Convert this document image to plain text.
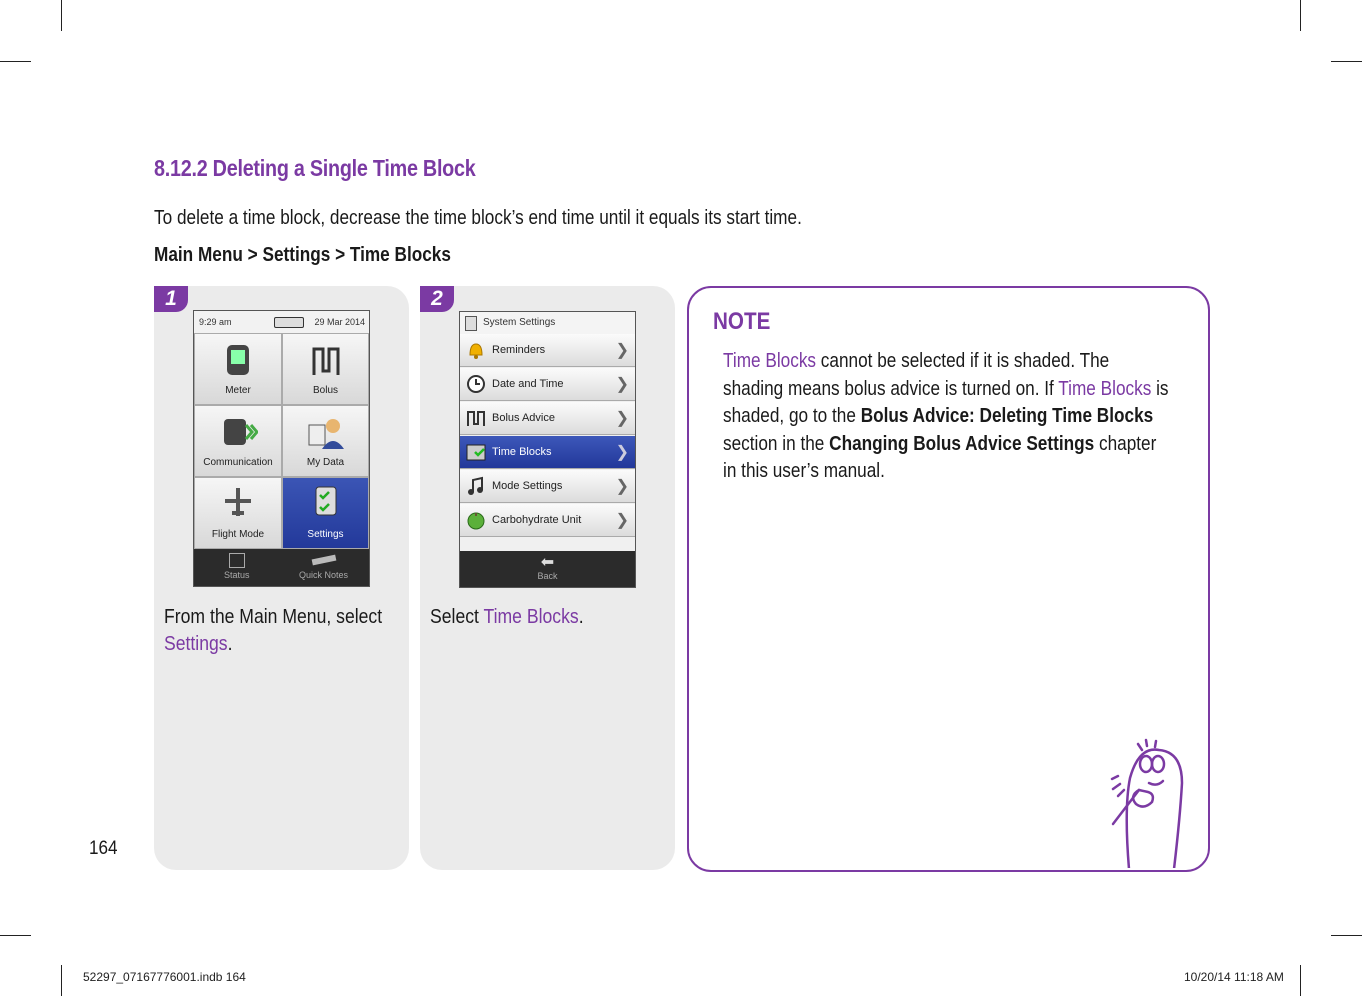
8.12.2 Deleting a Single Time Block
To delete a time block, decrease the time block’s end time until it equals its start time.
Main Menu > Settings > Time Blocks
1
9:29 am	29 Mar 2014
Meter	Bolus
Communication	My Data
Flight Mode	Settings
Status	Quick Notes
From the Main Menu, select
Settings.
2
System Settings
Reminders	❯
Date and Time	❯
Bolus Advice	❯
Time Blocks	❯
Mode Settings	❯
Carbohydrate Unit ❯
⬅
Back
Select Time Blocks.
NOTE
Time Blocks cannot be selected if it is shaded. The
shading means bolus advice is turned on. If Time Blocks is
shaded, go to the Bolus Advice: Deleting Time Blocks
section in the Changing Bolus Advice Settings chapter
in this user’s manual.
164
52297_07167776001.indb 164	10/20/14 11:18 AM
